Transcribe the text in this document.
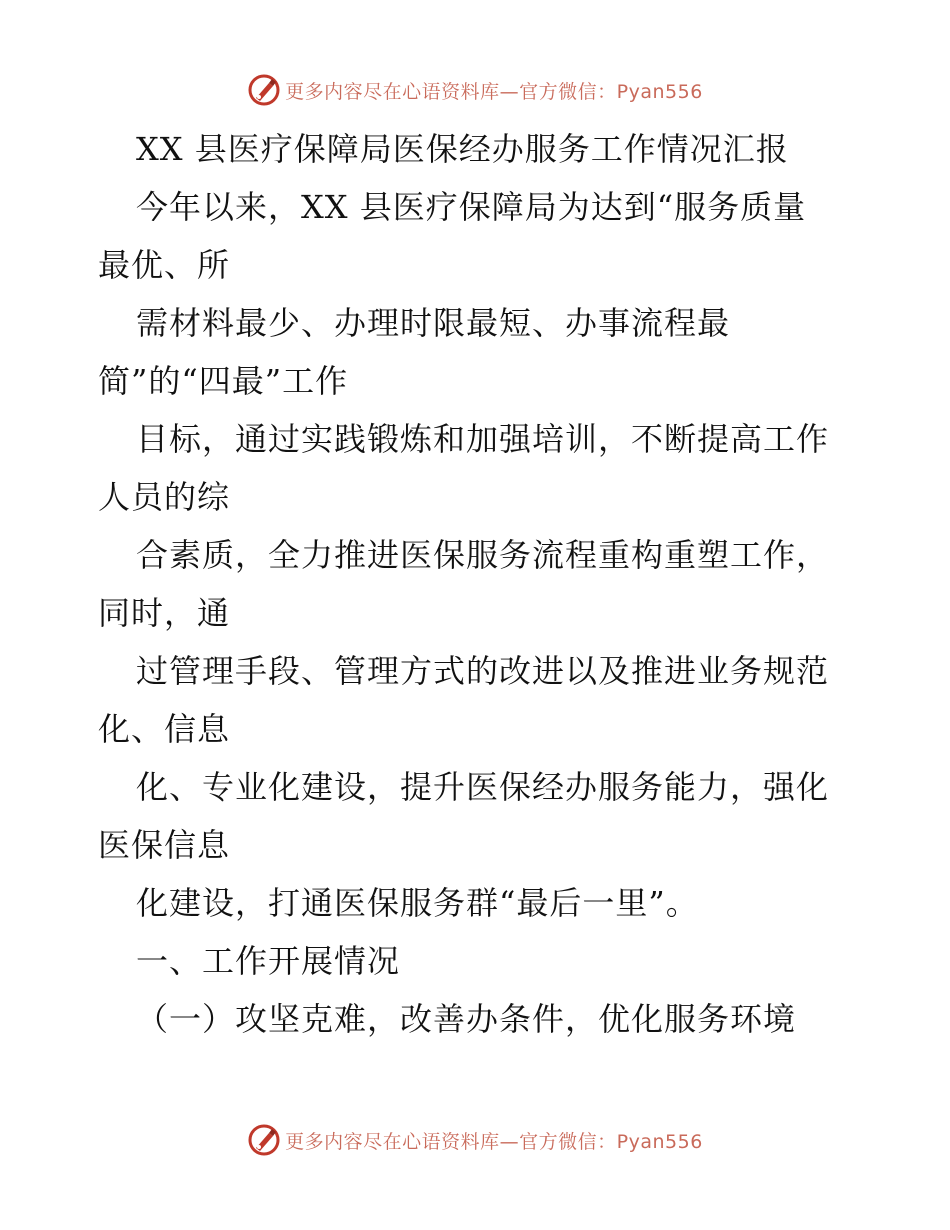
更多内容尽在心语资料库—官方微信：Pyan556
XX 县医疗保障局医保经办服务工作情况汇报
今年以来，XX 县医疗保障局为达到“服务质量
最优、所
需材料最少、办理时限最短、办事流程最
简”的“四最”工作
目标，通过实践锻炼和加强培训，不断提高工作
人员的综
合素质，全力推进医保服务流程重构重塑工作，
同时，通
过管理手段、管理方式的改进以及推进业务规范
化、信息
化、专业化建设，提升医保经办服务能力，强化
医保信息
化建设，打通医保服务群“最后一里”。
一、工作开展情况
（一）攻坚克难，改善办条件，优化服务环境
更多内容尽在心语资料库—官方微信：Pyan556
